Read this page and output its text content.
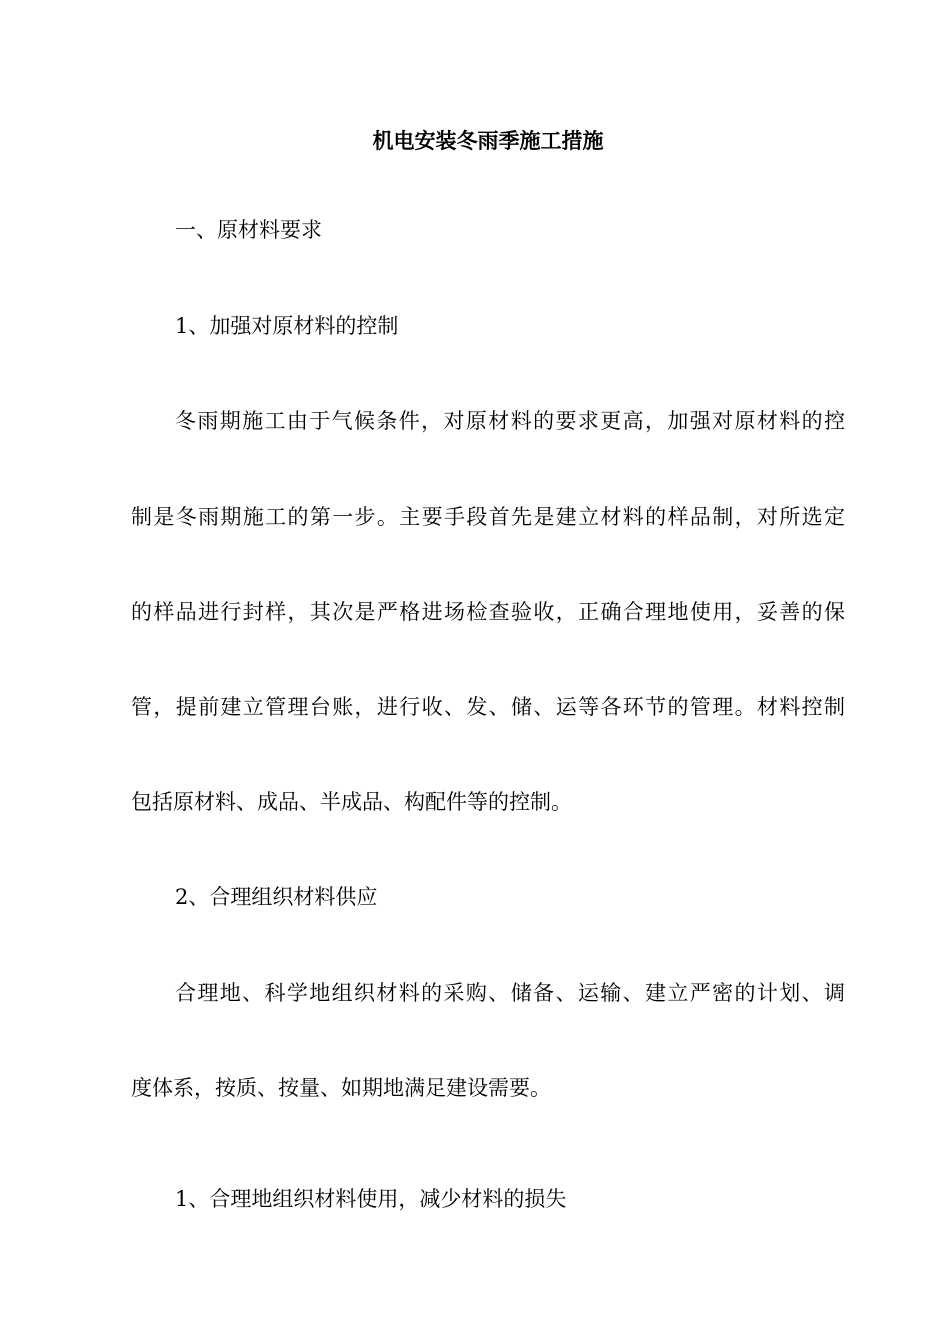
机电安装冬雨季施工措施

一、原材料要求

1、加强对原材料的控制

冬雨期施工由于气候条件，对原材料的要求更高，加强对原材料的控

制是冬雨期施工的第一步。主要手段首先是建立材料的样品制，对所选定

的样品进行封样，其次是严格进场检查验收，正确合理地使用，妥善的保

管，提前建立管理台账，进行收、发、储、运等各环节的管理。材料控制

包括原材料、成品、半成品、构配件等的控制。

2、合理组织材料供应

合理地、科学地组织材料的采购、储备、运输、建立严密的计划、调

度体系，按质、按量、如期地满足建设需要。

1、合理地组织材料使用，减少材料的损失
